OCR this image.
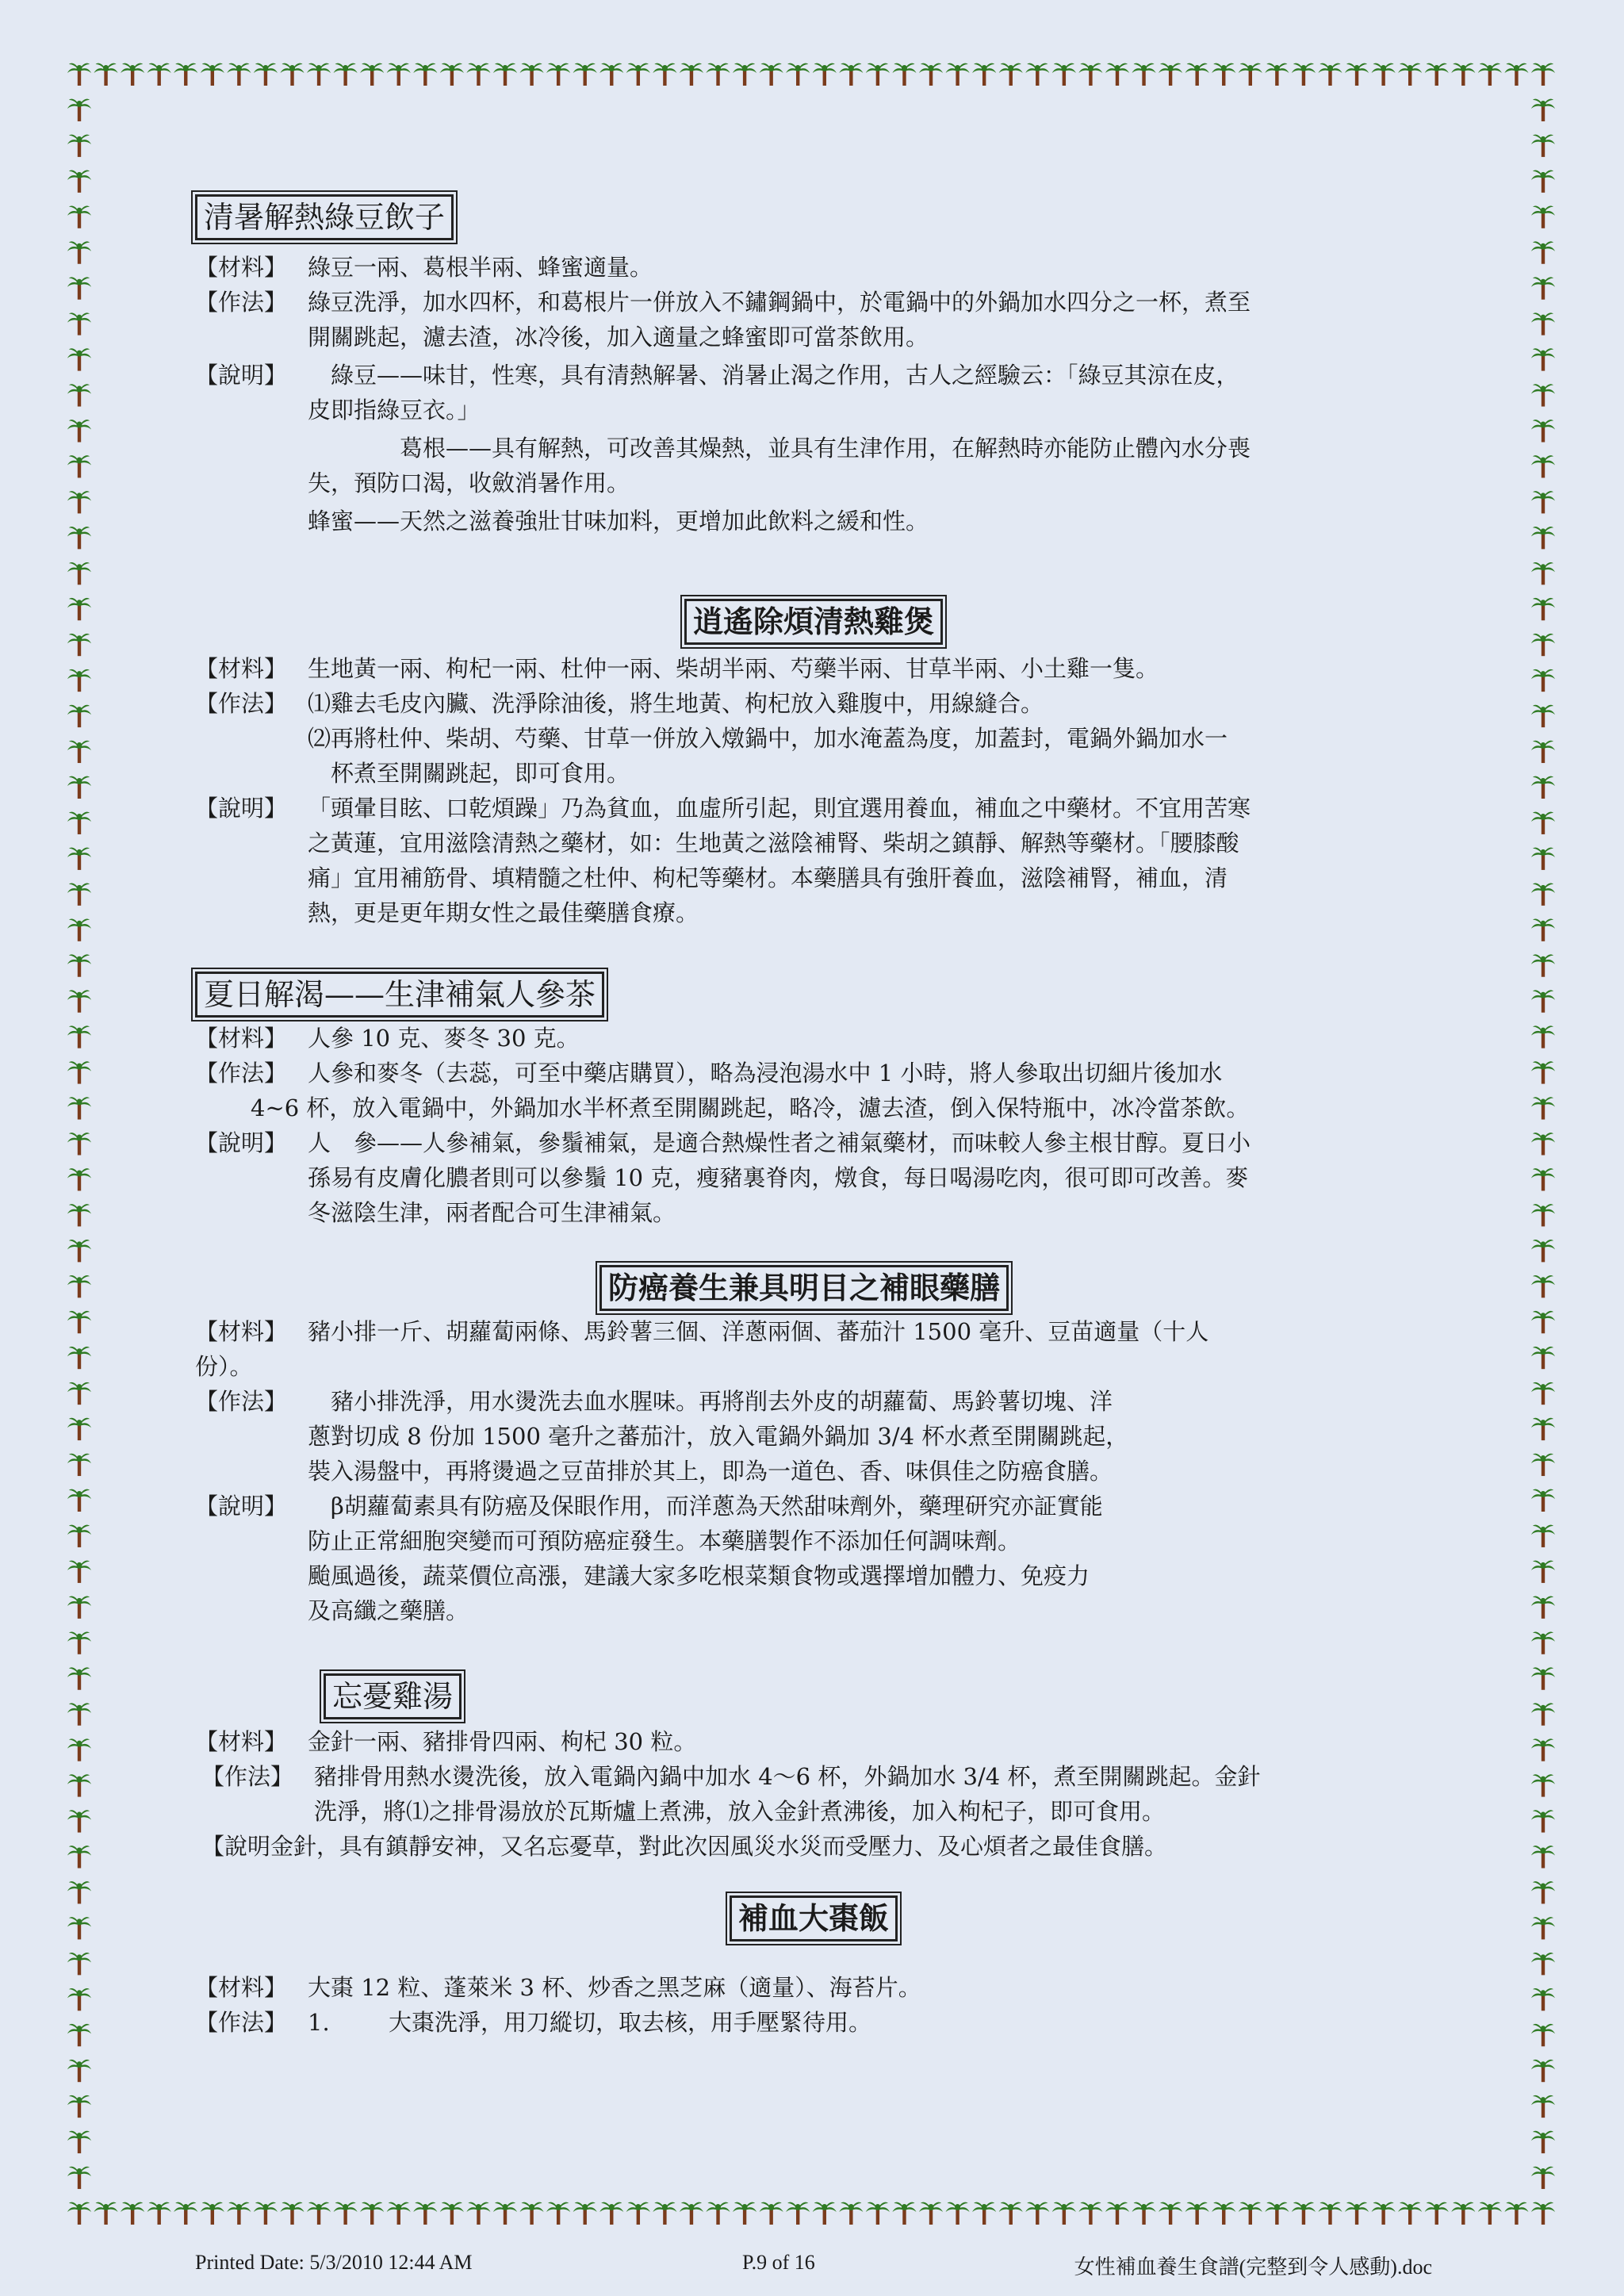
清暑解熱綠豆飲子
【材料】 綠豆一兩、葛根半兩、蜂蜜適量。
【作法】 綠豆洗淨，加水四杯，和葛根片一併放入不鏽鋼鍋中，於電鍋中的外鍋加水四分之一杯，煮至
開關跳起，濾去渣，冰冷後，加入適量之蜂蜜即可當茶飲用。
【說明】 　綠豆——味甘，性寒，具有清熱解暑、消暑止渴之作用，古人之經驗云：「綠豆其涼在皮，
皮即指綠豆衣。」
　　　　葛根——具有解熱，可改善其燥熱，並具有生津作用，在解熱時亦能防止體內水分喪
失，預防口渴，收斂消暑作用。
蜂蜜——天然之滋養強壯甘味加料，更增加此飲料之緩和性。
逍遙除煩清熱雞煲
【材料】 生地黃一兩、枸杞一兩、杜仲一兩、柴胡半兩、芍藥半兩、甘草半兩、小土雞一隻。
【作法】 ⑴雞去毛皮內臟、洗淨除油後，將生地黃、枸杞放入雞腹中，用線縫合。
⑵再將杜仲、柴胡、芍藥、甘草一併放入燉鍋中，加水淹蓋為度，加蓋封，電鍋外鍋加水一
　杯煮至開關跳起，即可食用。
【說明】 「頭暈目眩、口乾煩躁」乃為貧血，血虛所引起，則宜選用養血，補血之中藥材。不宜用苦寒
之黃蓮，宜用滋陰清熱之藥材，如：生地黃之滋陰補腎、柴胡之鎮靜、解熱等藥材。「腰膝酸
痛」宜用補筋骨、填精髓之杜仲、枸杞等藥材。本藥膳具有強肝養血，滋陰補腎，補血，清
熱，更是更年期女性之最佳藥膳食療。
夏日解渴——生津補氣人參茶
【材料】 人參 10 克、麥冬 30 克。
【作法】 人參和麥冬（去蕊，可至中藥店購買），略為浸泡湯水中 1 小時，將人參取出切細片後加水
4~6 杯，放入電鍋中，外鍋加水半杯煮至開關跳起，略冷，濾去渣，倒入保特瓶中，冰冷當茶飲。
【說明】 人　參——人參補氣，參鬚補氣，是適合熱燥性者之補氣藥材，而味較人參主根甘醇。夏日小
孫易有皮膚化膿者則可以參鬚 10 克，瘦豬裏脊肉，燉食，每日喝湯吃肉，很可即可改善。麥
冬滋陰生津，兩者配合可生津補氣。
防癌養生兼具明目之補眼藥膳
【材料】 豬小排一斤、胡蘿蔔兩條、馬鈴薯三個、洋蔥兩個、蕃茄汁 1500 毫升、豆苗適量（十人
份）。
【作法】 　豬小排洗淨，用水燙洗去血水腥味。再將削去外皮的胡蘿蔔、馬鈴薯切塊、洋
蔥對切成 8 份加 1500 毫升之蕃茄汁，放入電鍋外鍋加 3/4 杯水煮至開關跳起，
裝入湯盤中，再將燙過之豆苗排於其上，即為一道色、香、味俱佳之防癌食膳。
【說明】 　β胡蘿蔔素具有防癌及保眼作用，而洋蔥為天然甜味劑外，藥理研究亦証實能
防止正常細胞突變而可預防癌症發生。本藥膳製作不添加任何調味劑。
颱風過後，蔬菜價位高漲，建議大家多吃根菜類食物或選擇增加體力、免疫力
及高纖之藥膳。
忘憂雞湯
【材料】 金針一兩、豬排骨四兩、枸杞 30 粒。
【作法】 豬排骨用熱水燙洗後，放入電鍋內鍋中加水 4～6 杯，外鍋加水 3/4 杯，煮至開關跳起。金針
洗淨，將⑴之排骨湯放於瓦斯爐上煮沸，放入金針煮沸後，加入枸杞子，即可食用。
【說明金針，具有鎮靜安神，又名忘憂草，對此次因風災水災而受壓力、及心煩者之最佳食膳。
補血大棗飯
【材料】 大棗 12 粒、蓬萊米 3 杯、炒香之黑芝麻（適量）、海苔片。
【作法】 1.	大棗洗淨，用刀縱切，取去核，用手壓緊待用。
Printed Date: 5/3/2010 12:44 AM	P.9 of 16	女性補血養生食譜(完整到令人感動).doc
